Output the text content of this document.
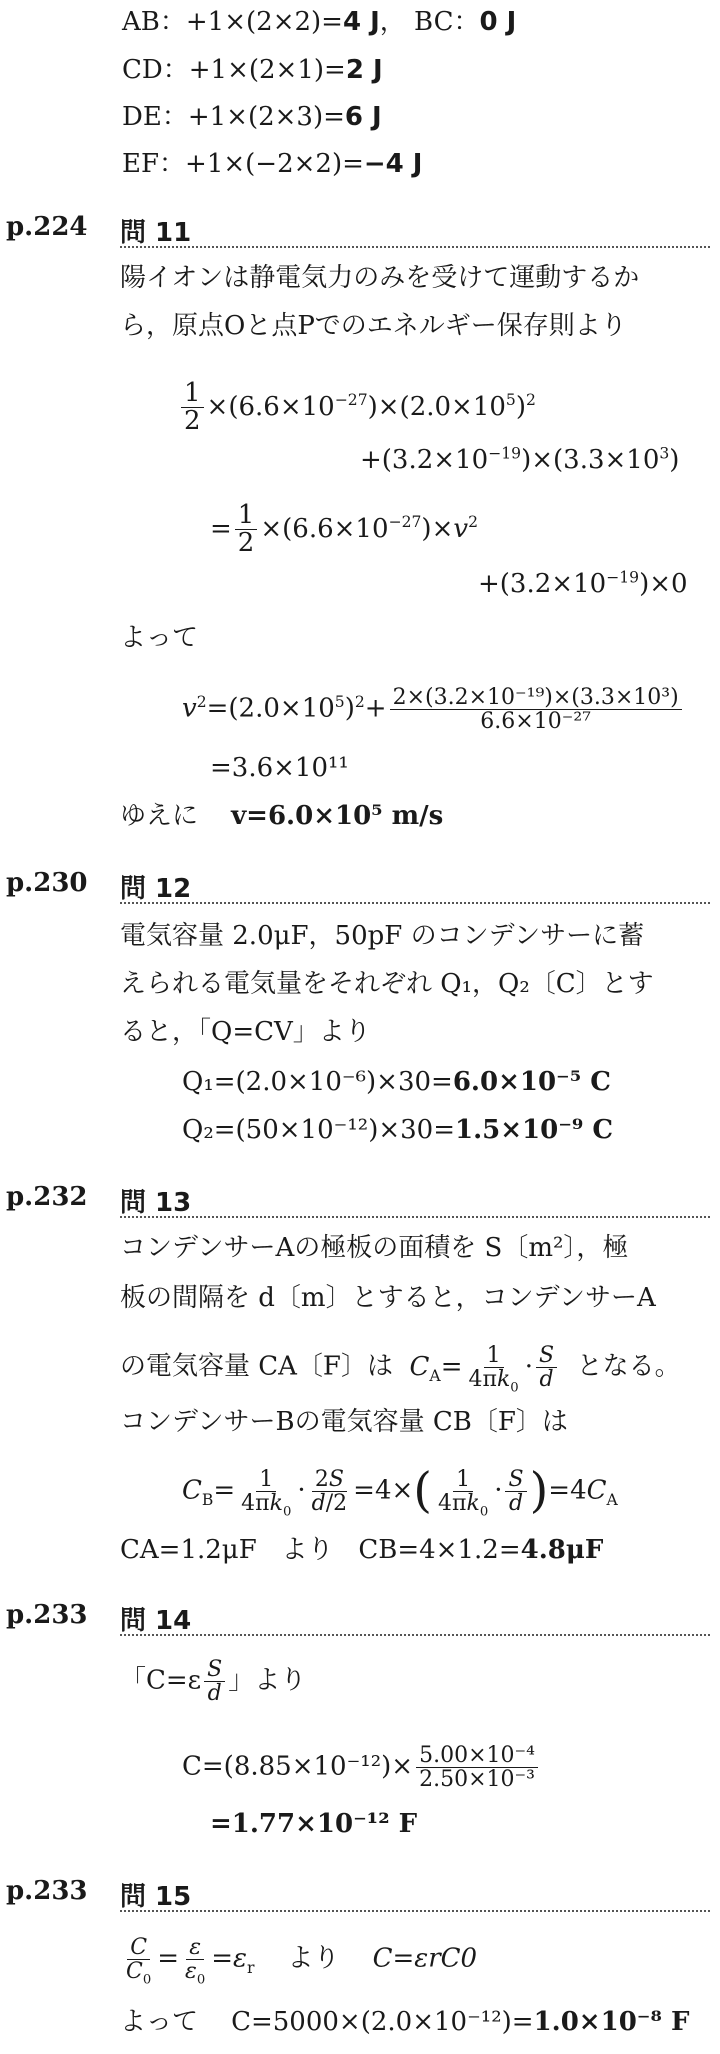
AB：+1×(2×2)=4 J， BC：0 J
CD：+1×(2×1)=2 J
DE：+1×(2×3)=6 J
EF：+1×(−2×2)=−4 J
p.224 問 11
陽イオンは静電気力のみを受けて運動するか
ら，原点Oと点Pでのエネルギー保存則より
$\frac{1}{2} \times(6.6\times 10^{-27})\times(2.0\times 10^5)^2$
$+(3.2\times 10^{-19})\times(3.3\times 10^3)$
= $\frac{1}{2} \times(6.6\times 10^{-27})\times v^2$
$+(3.2\times 10^{-19})\times 0$
よって
$v^2=(2.0\times 10^5)^2+ \frac{\text{2×(3.2×10⁻¹⁹)×(3.3×10³)}}{\text{6.6×10⁻²⁷}}$
=3.6×10¹¹
ゆえに v=6.0×10⁵ m/s
p.230 問 12
電気容量 2.0μF，50pF のコンデンサーに蓄
えられる電気量をそれぞれ Q₁，Q₂〔C〕とす
ると，「Q=CV」より
Q₁=(2.0×10⁻⁶)×30=6.0×10⁻⁵ C
Q₂=(50×10⁻¹²)×30=1.5×10⁻⁹ C
p.232 問 13
コンデンサーAの極板の面積を S〔m²〕，極
板の間隔を d〔m〕とすると，コンデンサーA
の電気容量 CA〔F〕は $C_A= \frac{1}{4\pi k_0} \cdot \frac{S}{d}$ となる。
コンデンサーBの電気容量 CB〔F〕は
$C_B= \frac{1}{4\pi k_0} \cdot \frac{2S}{d/2} =4\times( \frac{1}{4\pi k_0} \cdot \frac{S}{d} )=4C_A$
CA=1.2μF より CB=4×1.2=4.8μF
p.233 問 14
「$C=\varepsilon \frac{S}{d}$ 」より
$C=(8.85\times 10^{-12})\times \frac{\text{5.00×10⁻⁴}}{\text{2.50×10⁻³}}$
=1.77×10⁻¹² F
p.233 問 15
$\frac{C}{C_0} = \frac{\varepsilon}{\varepsilon_0} =\varepsilon_r$ より C=εrC0
よって C=5000×(2.0×10⁻¹²)=1.0×10⁻⁸ F
